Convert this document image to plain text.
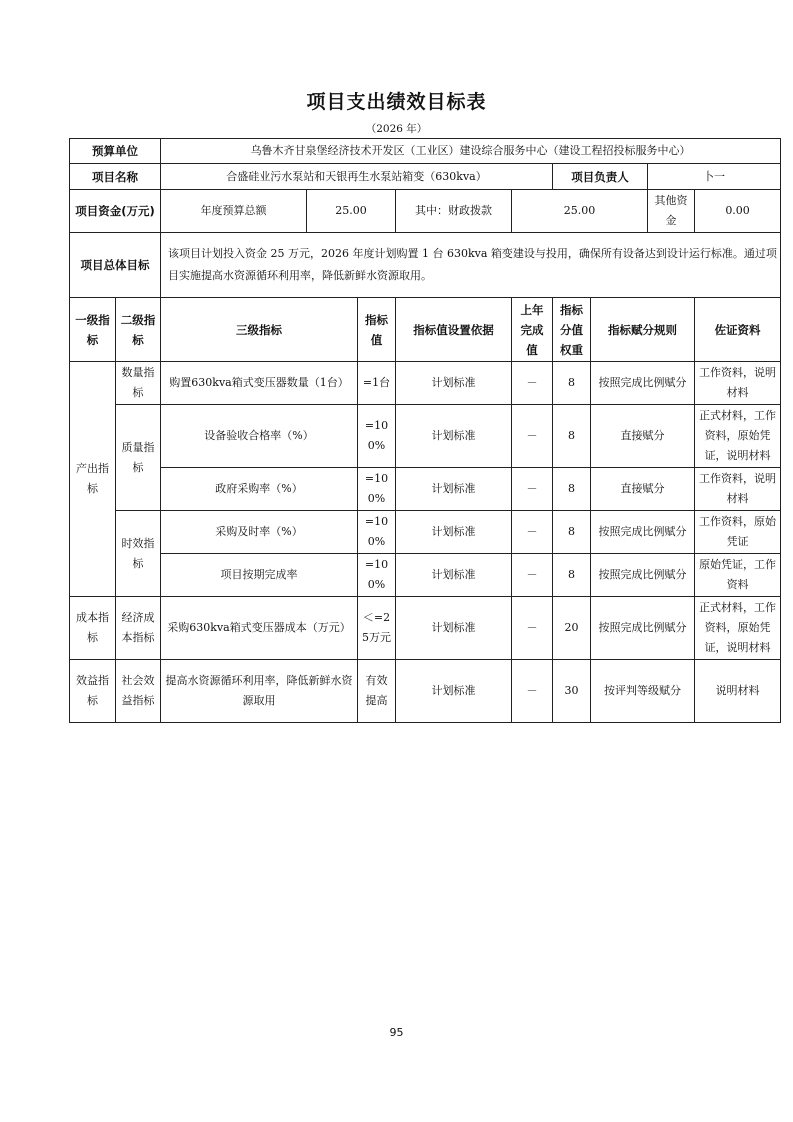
项目支出绩效目标表
（2026 年）
预算单位		乌鲁木齐甘泉堡经济技术开发区（工业区）建设综合服务中心（建设工程招投标服务中心）								
项目名称		合盛硅业污水泵站和天银再生水泵站箱变（630kva）					项目负责人		卜一	
项目资金(万元)		年度预算总额	25.00		其中：财政拨款	25.00			其他资金	0.00
项目总体目标		该项目计划投入资金 25 万元，2026 年度计划购置 1 台 630kva 箱变建设与投用，确保所有设备达到设计运行标准。通过项目实施提高水资源循环利用率，降低新鲜水资源取用。								
一级指标	二级指标	三级指标		指标值	指标值设置依据	上年完成值	指标分值权重	指标赋分规则		佐证资料
产出指标	数量指标	购置630kva箱式变压器数量（1台）		=1台	计划标准	－	8	按照完成比例赋分		工作资料，说明材料
	质量指标	设备验收合格率（%）		=100%	计划标准	－	8	直接赋分		正式材料，工作资料，原始凭证，说明材料
		政府采购率（%）		=100%	计划标准	－	8	直接赋分		工作资料，说明材料
	时效指标	采购及时率（%）		=100%	计划标准	－	8	按照完成比例赋分		工作资料，原始凭证
		项目按期完成率		=100%	计划标准	－	8	按照完成比例赋分		原始凭证，工作资料
成本指标	经济成本指标	采购630kva箱式变压器成本（万元）		＜=25万元	计划标准	－	20	按照完成比例赋分		正式材料，工作资料，原始凭证，说明材料
效益指标	社会效益指标	提高水资源循环利用率，降低新鲜水资源取用		有效提高	计划标准	－	30	按评判等级赋分		说明材料
95
